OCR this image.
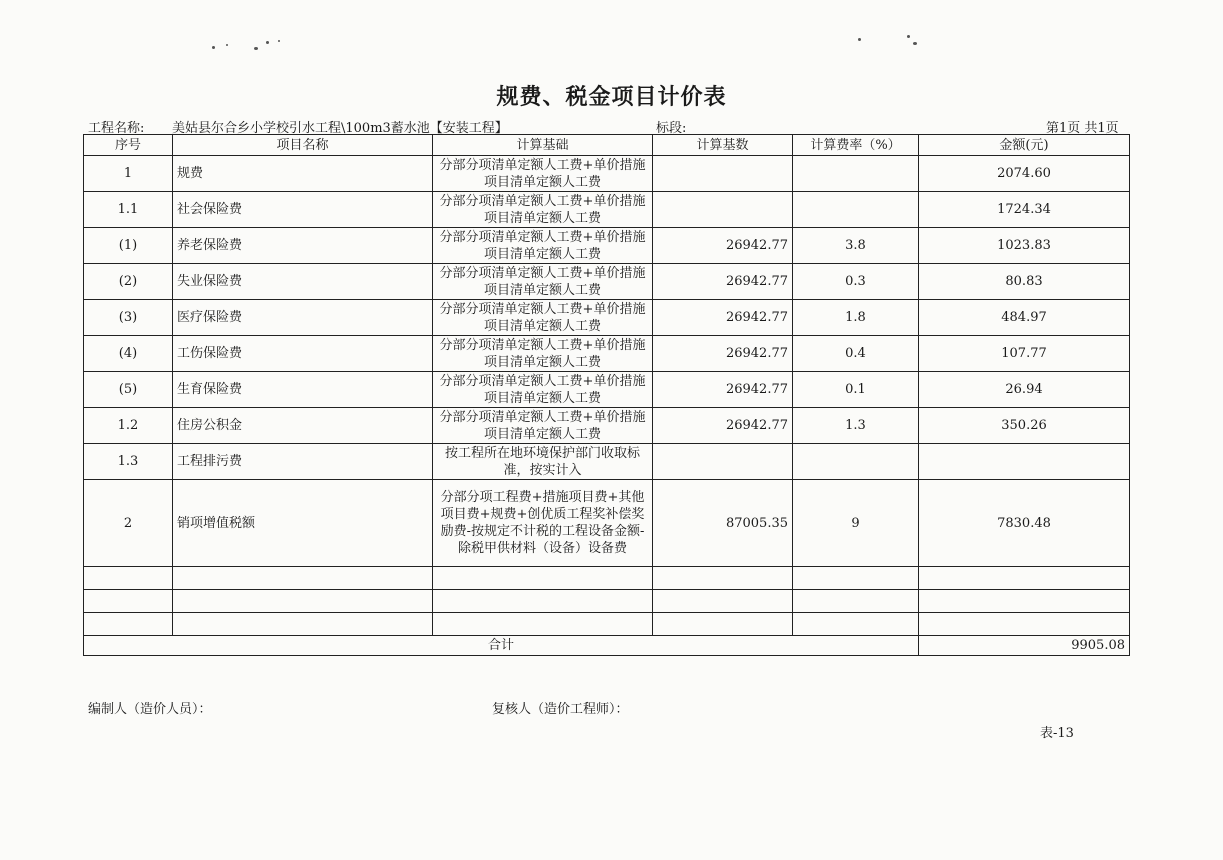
规费、税金项目计价表
工程名称: 美姑县尔合乡小学校引水工程\100m3蓄水池【安装工程】	标段:	第1页 共1页
序号	项目名称	计算基础	计算基数	计算费率（%）	金额(元)
1	规费	分部分项清单定额人工费+单价措施项目清单定额人工费			2074.60
1.1	社会保险费	分部分项清单定额人工费+单价措施项目清单定额人工费			1724.34
(1)	养老保险费	分部分项清单定额人工费+单价措施项目清单定额人工费	26942.77	3.8	1023.83
(2)	失业保险费	分部分项清单定额人工费+单价措施项目清单定额人工费	26942.77	0.3	80.83
(3)	医疗保险费	分部分项清单定额人工费+单价措施项目清单定额人工费	26942.77	1.8	484.97
(4)	工伤保险费	分部分项清单定额人工费+单价措施项目清单定额人工费	26942.77	0.4	107.77
(5)	生育保险费	分部分项清单定额人工费+单价措施项目清单定额人工费	26942.77	0.1	26.94
1.2	住房公积金	分部分项清单定额人工费+单价措施项目清单定额人工费	26942.77	1.3	350.26
1.3	工程排污费	按工程所在地环境保护部门收取标准，按实计入			
2	销项增值税额	分部分项工程费+措施项目费+其他项目费+规费+创优质工程奖补偿奖励费-按规定不计税的工程设备金额-除税甲供材料（设备）设备费	87005.35	9	7830.48

合计					9905.08
编制人（造价人员）：	复核人（造价工程师）：
表-13
